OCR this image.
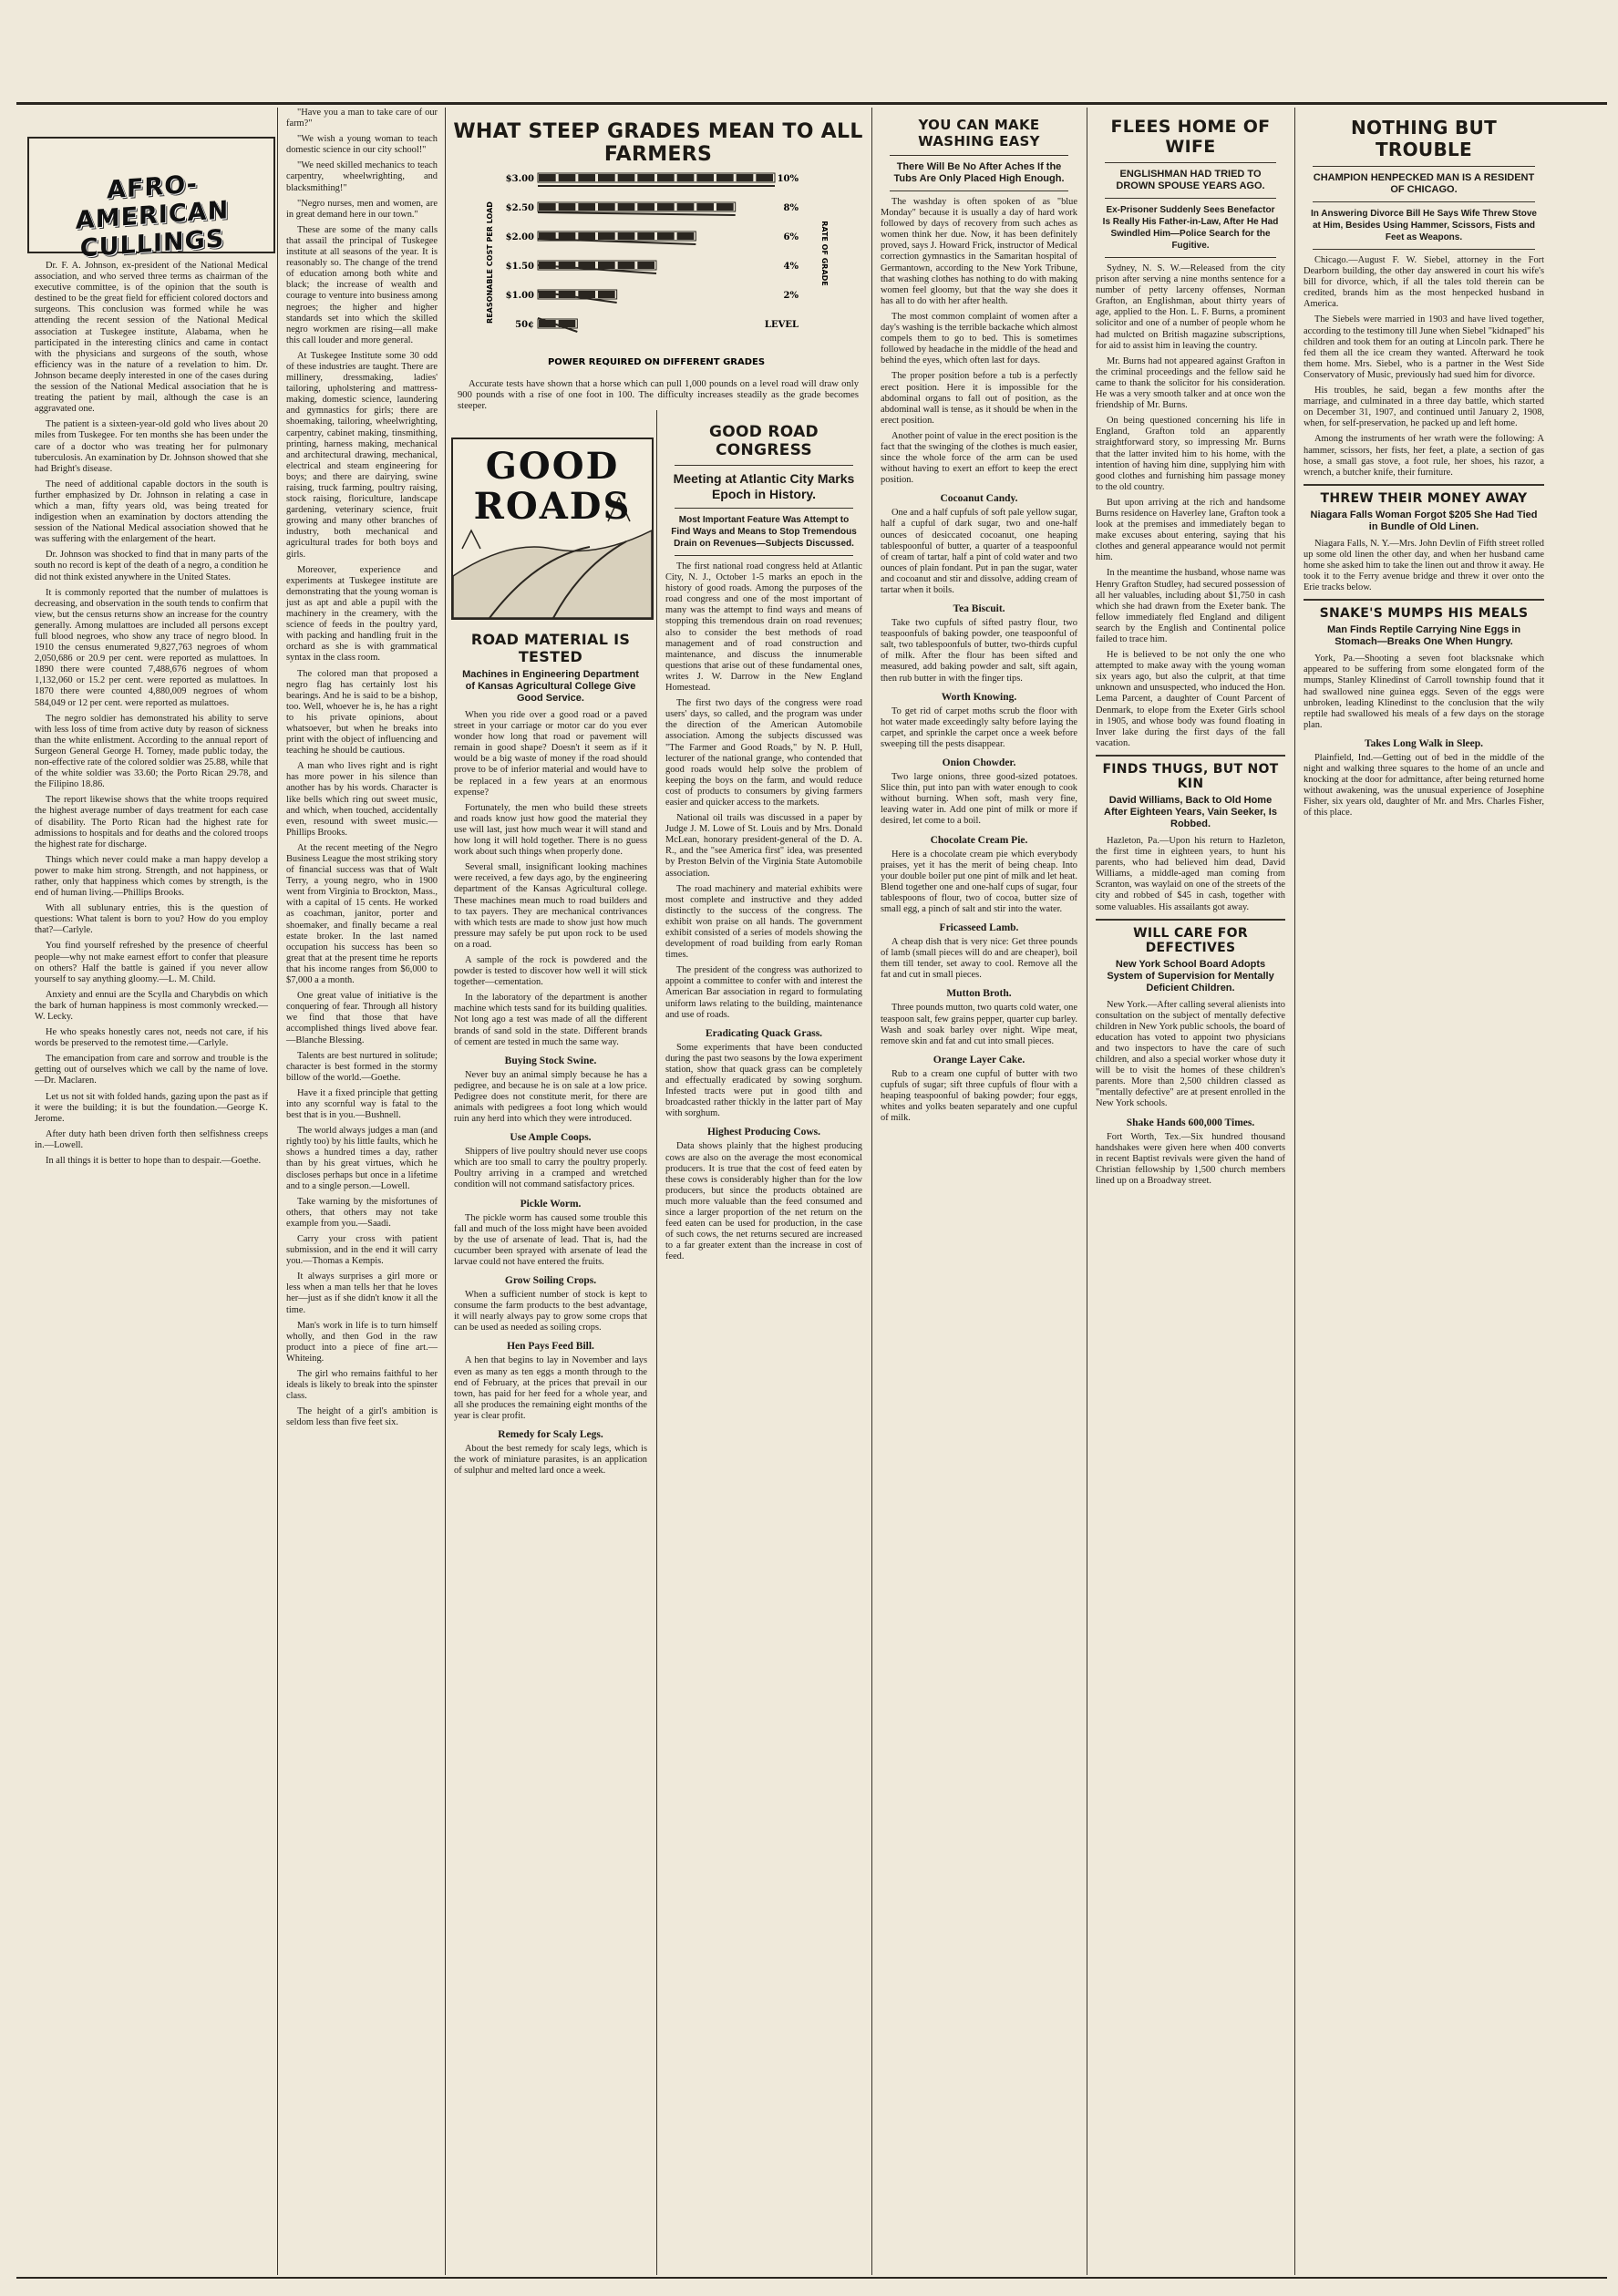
AFRO-AMERICAN CULLINGS

Dr. F. A. Johnson, ex-president of the National Medical association, and who served three terms as chairman of the executive committee, is of the opinion that the south is destined to be the great field for efficient colored doctors and surgeons. This conclusion was formed while he was attending the recent session of the National Medical association at Tuskegee institute, Alabama, when he participated in the interesting clinics and came in contact with the physicians and surgeons of the south, whose efficiency was in the nature of a revelation to him. Dr. Johnson became deeply interested in one of the cases during the session of the National Medical association that he is treating the patient by mail, although the case is an aggravated one.

The patient is a sixteen-year-old gold who lives about 20 miles from Tuskegee. For ten months she has been under the care of a doctor who was treating her for pulmonary tuberculosis. An examination by Dr. Johnson showed that she had Bright's disease.

The need of additional capable doctors in the south is further emphasized by Dr. Johnson in relating a case in which a man, fifty years old, was being treated for indigestion when an examination by doctors attending the session of the National Medical association showed that he was suffering with the enlargement of the heart.

Dr. Johnson was shocked to find that in many parts of the south no record is kept of the death of a negro, a condition he did not think existed anywhere in the United States.

It is commonly reported that the number of mulattoes is decreasing, and observation in the south tends to confirm that view, but the census returns show an increase for the country generally. Among mulattoes are included all persons except full blood negroes, who show any trace of negro blood. In 1910 the census enumerated 9,827,763 negroes of whom 2,050,686 or 20.9 per cent. were reported as mulattoes. In 1890 there were counted 7,488,676 negroes of whom 1,132,060 or 15.2 per cent. were reported as mulattoes. In 1870 there were counted 4,880,009 negroes of whom 584,049 or 12 per cent. were reported as mulattoes.

The negro soldier has demonstrated his ability to serve with less loss of time from active duty by reason of sickness than the white enlistment. According to the annual report of Surgeon General George H. Torney, made public today, the non-effective rate of the colored soldier was 25.88, while that of the white soldier was 33.60; the Porto Rican 29.78, and the Filipino 18.86.

The report likewise shows that the white troops required the highest average number of days treatment for each case of disability. The Porto Rican had the highest rate for admissions to hospitals and for deaths and the colored troops the highest rate for discharge.

Things which never could make a man happy develop a power to make him strong. Strength, and not happiness, or rather, only that happiness which comes by strength, is the end of human living.—Phillips Brooks.

With all sublunary entries, this is the question of questions: What talent is born to you? How do you employ that?—Carlyle.

You find yourself refreshed by the presence of cheerful people—why not make earnest effort to confer that pleasure on others? Half the battle is gained if you never allow yourself to say anything gloomy.—L. M. Child.

Anxiety and ennui are the Scylla and Charybdis on which the bark of human happiness is most commonly wrecked.—W. Lecky.

He who speaks honestly cares not, needs not care, if his words be preserved to the remotest time.—Carlyle.

The emancipation from care and sorrow and trouble is the getting out of ourselves which we call by the name of love.—Dr. Maclaren.

Let us not sit with folded hands, gazing upon the past as if it were the building; it is but the foundation.—George K. Jerome.

After duty hath been driven forth then selfishness creeps in.—Lowell.

In all things it is better to hope than to despair.—Goethe.

"Have you a man to take care of our farm?"

"We wish a young woman to teach domestic science in our city school!"

"We need skilled mechanics to teach carpentry, wheelwrighting, and blacksmithing!"

"Negro nurses, men and women, are in great demand here in our town."

These are some of the many calls that assail the principal of Tuskegee institute at all seasons of the year. It is reasonably so. The change of the trend of education among both white and black; the increase of wealth and courage to venture into business among negroes; the higher and higher standards set into which the skilled negro workmen are rising—all make this call louder and more general.

At Tuskegee Institute some 30 odd of these industries are taught. There are millinery, dressmaking, ladies' tailoring, upholstering and mattress-making, domestic science, laundering and gymnastics for girls; there are shoemaking, tailoring, wheelwrighting, carpentry, cabinet making, tinsmithing, printing, harness making, mechanical and architectural drawing, mechanical, electrical and steam engineering for boys; and there are dairying, swine raising, truck farming, poultry raising, stock raising, floriculture, landscape gardening, veterinary science, fruit growing and many other branches of industry, both mechanical and agricultural trades for both boys and girls.

Moreover, experience and experiments at Tuskegee institute are demonstrating that the young woman is just as apt and able a pupil with the machinery in the creamery, with the science of feeds in the poultry yard, with packing and handling fruit in the orchard as she is with grammatical syntax in the class room.

The colored man that proposed a negro flag has certainly lost his bearings. And he is said to be a bishop, too. Well, whoever he is, he has a right to his private opinions, about whatsoever, but when he breaks into print with the object of influencing and teaching he should be cautious.

A man who lives right and is right has more power in his silence than another has by his words. Character is like bells which ring out sweet music, and which, when touched, accidentally even, resound with sweet music.—Phillips Brooks.

At the recent meeting of the Negro Business League the most striking story of financial success was that of Walt Terry, a young negro, who in 1900 went from Virginia to Brockton, Mass., with a capital of 15 cents. He worked as coachman, janitor, porter and shoemaker, and finally became a real estate broker. In the last named occupation his success has been so great that at the present time he reports that his income ranges from $6,000 to $7,000 a a month.

One great value of initiative is the conquering of fear. Through all history we find that those that have accomplished things lived above fear.—Blanche Blessing.

Talents are best nurtured in solitude; character is best formed in the stormy billow of the world.—Goethe.

Have it a fixed principle that getting into any scornful way is fatal to the best that is in you.—Bushnell.

The world always judges a man (and rightly too) by his little faults, which he shows a hundred times a day, rather than by his great virtues, which he discloses perhaps but once in a lifetime and to a single person.—Lowell.

Take warning by the misfortunes of others, that others may not take example from you.—Saadi.

Carry your cross with patient submission, and in the end it will carry you.—Thomas a Kempis.

It always surprises a girl more or less when a man tells her that he loves her—just as if she didn't know it all the time.

Man's work in life is to turn himself wholly, and then God in the raw product into a piece of fine art.—Whiteing.

The girl who remains faithful to her ideals is likely to break into the spinster class.

The height of a girl's ambition is seldom less than five feet six.

WHAT STEEP GRADES MEAN TO ALL FARMERS
$3.00	10%
$2.50	8%
$2.00	6%
$1.50	4%
$1.00	2%
50¢	LEVEL
POWER REQUIRED ON DIFFERENT GRADES
REASONABLE COST PER LOAD	RATE OF GRADE

Accurate tests have shown that a horse which can pull 1,000 pounds on a level road will draw only 900 pounds with a rise of one foot in 100. The difficulty increases steadily as the grade becomes steeper.

GOOD
ROADS
ROAD MATERIAL IS TESTED
Machines in Engineering Department of Kansas Agricultural College Give Good Service.

When you ride over a good road or a paved street in your carriage or motor car do you ever wonder how long that road or pavement will remain in good shape? Doesn't it seem as if it would be a big waste of money if the road should prove to be of inferior material and would have to be replaced in a few years at an enormous expense?

Fortunately, the men who build these streets and roads know just how good the material they use will last, just how much wear it will stand and how long it will hold together. There is no guess work about such things when properly done.

Several small, insignificant looking machines were received, a few days ago, by the engineering department of the Kansas Agricultural college. These machines mean much to road builders and to tax payers. They are mechanical contrivances with which tests are made to show just how much pressure may safely be put upon rock to be used on a road.

A sample of the rock is powdered and the powder is tested to discover how well it will stick together—cementation.

In the laboratory of the department is another machine which tests sand for its building qualities. Not long ago a test was made of all the different brands of sand sold in the state. Different brands of cement are tested in much the same way.

Buying Stock Swine.

Never buy an animal simply because he has a pedigree, and because he is on sale at a low price. Pedigree does not constitute merit, for there are animals with pedigrees a foot long which would ruin any herd into which they were introduced.

Use Ample Coops.

Shippers of live poultry should never use coops which are too small to carry the poultry properly. Poultry arriving in a cramped and wretched condition will not command satisfactory prices.

Pickle Worm.

The pickle worm has caused some trouble this fall and much of the loss might have been avoided by the use of arsenate of lead. That is, had the cucumber been sprayed with arsenate of lead the larvae could not have entered the fruits.

Grow Soiling Crops.

When a sufficient number of stock is kept to consume the farm products to the best advantage, it will nearly always pay to grow some crops that can be used as needed as soiling crops.

Hen Pays Feed Bill.

A hen that begins to lay in November and lays even as many as ten eggs a month through to the end of February, at the prices that prevail in our town, has paid for her feed for a whole year, and all she produces the remaining eight months of the year is clear profit.

Remedy for Scaly Legs.

About the best remedy for scaly legs, which is the work of miniature parasites, is an application of sulphur and melted lard once a week.

GOOD ROAD CONGRESS
Meeting at Atlantic City Marks Epoch in History.
Most Important Feature Was Attempt to Find Ways and Means to Stop Tremendous Drain on Revenues—Subjects Discussed.

The first national road congress held at Atlantic City, N. J., October 1-5 marks an epoch in the history of good roads. Among the purposes of the road congress and one of the most important of many was the attempt to find ways and means of stopping this tremendous drain on road revenues; also to consider the best methods of road management and of road construction and maintenance, and discuss the innumerable questions that arise out of these fundamental ones, writes J. W. Darrow in the New England Homestead.

The first two days of the congress were road users' days, so called, and the program was under the direction of the American Automobile association. Among the subjects discussed was "The Farmer and Good Roads," by N. P. Hull, lecturer of the national grange, who contended that good roads would help solve the problem of keeping the boys on the farm, and would reduce cost of products to consumers by giving farmers easier and quicker access to the markets.

National oil trails was discussed in a paper by Judge J. M. Lowe of St. Louis and by Mrs. Donald McLean, honorary president-general of the D. A. R., and the "see America first" idea, was presented by Preston Belvin of the Virginia State Automobile association.

The road machinery and material exhibits were most complete and instructive and they added distinctly to the success of the congress. The exhibit won praise on all hands. The government exhibit consisted of a series of models showing the development of road building from early Roman times.

The president of the congress was authorized to appoint a committee to confer with and interest the American Bar association in regard to formulating uniform laws relating to the building, maintenance and use of roads.

Eradicating Quack Grass.

Some experiments that have been conducted during the past two seasons by the Iowa experiment station, show that quack grass can be completely and effectually eradicated by sowing sorghum. Infested tracts were put in good tilth and broadcasted rather thickly in the latter part of May with sorghum.

Highest Producing Cows.

Data shows plainly that the highest producing cows are also on the average the most economical producers. It is true that the cost of feed eaten by these cows is considerably higher than for the low producers, but since the products obtained are much more valuable than the feed consumed and since a larger proportion of the net return on the feed eaten can be used for production, in the case of such cows, the net returns secured are increased to a far greater extent than the increase in cost of feed.

YOU CAN MAKE WASHING EASY
There Will Be No After Aches If the Tubs Are Only Placed High Enough.

The washday is often spoken of as "blue Monday" because it is usually a day of hard work followed by days of recovery from such aches as women think her due. Now, it has been definitely proved, says J. Howard Frick, instructor of Medical correction gymnastics in the Samaritan hospital of Germantown, according to the New York Tribune, that washing clothes has nothing to do with making women feel gloomy, but that the way she does it has all to do with her after health.

The most common complaint of women after a day's washing is the terrible backache which almost compels them to go to bed. This is sometimes followed by headache in the middle of the head and behind the eyes, which often last for days.

The proper position before a tub is a perfectly erect position. Here it is impossible for the abdominal organs to fall out of position, as the abdominal wall is tense, as it should be when in the erect position.

Another point of value in the erect position is the fact that the swinging of the clothes is much easier, since the whole force of the arm can be used without having to exert an effort to keep the erect position.

Cocoanut Candy.

One and a half cupfuls of soft pale yellow sugar, half a cupful of dark sugar, two and one-half ounces of desiccated cocoanut, one heaping tablespoonful of butter, a quarter of a teaspoonful of cream of tartar, half a pint of cold water and two ounces of plain fondant. Put in pan the sugar, water and cocoanut and stir and dissolve, adding cream of tartar when it boils.

Tea Biscuit.

Take two cupfuls of sifted pastry flour, two teaspoonfuls of baking powder, one teaspoonful of salt, two tablespoonfuls of butter, two-thirds cupful of milk. After the flour has been sifted and measured, add baking powder and salt, sift again, then rub butter in with the finger tips.

Worth Knowing.

To get rid of carpet moths scrub the floor with hot water made exceedingly salty before laying the carpet, and sprinkle the carpet once a week before sweeping till the pests disappear.

Onion Chowder.

Two large onions, three good-sized potatoes. Slice thin, put into pan with water enough to cook without burning. When soft, mash very fine, leaving water in. Add one pint of milk or more if desired, let come to a boil.

Chocolate Cream Pie.

Here is a chocolate cream pie which everybody praises, yet it has the merit of being cheap. Into your double boiler put one pint of milk and let heat. Blend together one and one-half cups of sugar, four tablespoons of flour, two of cocoa, butter size of small egg, a pinch of salt and stir into the water.

Fricasseed Lamb.

A cheap dish that is very nice: Get three pounds of lamb (small pieces will do and are cheaper), boil them till tender, set away to cool. Remove all the fat and cut in small pieces.

Mutton Broth.

Three pounds mutton, two quarts cold water, one teaspoon salt, few grains pepper, quarter cup barley. Wash and soak barley over night. Wipe meat, remove skin and fat and cut into small pieces.

Orange Layer Cake.

Rub to a cream one cupful of butter with two cupfuls of sugar; sift three cupfuls of flour with a heaping teaspoonful of baking powder; four eggs, whites and yolks beaten separately and one cupful of milk.

FLEES HOME OF WIFE
ENGLISHMAN HAD TRIED TO DROWN SPOUSE YEARS AGO.
Ex-Prisoner Suddenly Sees Benefactor Is Really His Father-in-Law, After He Had Swindled Him—Police Search for the Fugitive.

Sydney, N. S. W.—Released from the city prison after serving a nine months sentence for a number of petty larceny offenses, Norman Grafton, an Englishman, about thirty years of age, applied to the Hon. L. F. Burns, a prominent solicitor and one of a number of people whom he had mulcted on British magazine subscriptions, for aid to assist him in leaving the country.

Mr. Burns had not appeared against Grafton in the criminal proceedings and the fellow said he came to thank the solicitor for his consideration. He was a very smooth talker and at once won the friendship of Mr. Burns.

On being questioned concerning his life in England, Grafton told an apparently straightforward story, so impressing Mr. Burns that the latter invited him to his home, with the intention of having him dine, supplying him with good clothes and furnishing him passage money to the old country.

But upon arriving at the rich and handsome Burns residence on Haverley lane, Grafton took a look at the premises and immediately began to make excuses about entering, saying that his clothes and general appearance would not permit him.

In the meantime the husband, whose name was Henry Grafton Studley, had secured possession of all her valuables, including about $1,750 in cash which she had drawn from the Exeter bank. The fellow immediately fled England and diligent search by the English and Continental police failed to trace him.

He is believed to be not only the one who attempted to make away with the young woman six years ago, but also the culprit, at that time unknown and unsuspected, who induced the Hon. Lema Parcent, a daughter of Count Parcent of Denmark, to elope from the Exeter Girls school in 1905, and whose body was found floating in Inver lake during the first days of the fall vacation.

FINDS THUGS, BUT NOT KIN
David Williams, Back to Old Home After Eighteen Years, Vain Seeker, Is Robbed.

Hazleton, Pa.—Upon his return to Hazleton, the first time in eighteen years, to hunt his parents, who had believed him dead, David Williams, a middle-aged man coming from Scranton, was waylaid on one of the streets of the city and robbed of $45 in cash, together with some valuables. His assailants got away.

WILL CARE FOR DEFECTIVES
New York School Board Adopts System of Supervision for Mentally Deficient Children.

New York.—After calling several alienists into consultation on the subject of mentally defective children in New York public schools, the board of education has voted to appoint two physicians and two inspectors to have the care of such children, and also a special worker whose duty it will be to visit the homes of these children's parents. More than 2,500 children classed as "mentally defective" are at present enrolled in the New York schools.

Shake Hands 600,000 Times.

Fort Worth, Tex.—Six hundred thousand handshakes were given here when 400 converts in recent Baptist revivals were given the hand of Christian fellowship by 1,500 church members lined up on a Broadway street.

NOTHING BUT TROUBLE
CHAMPION HENPECKED MAN IS A RESIDENT OF CHICAGO.
In Answering Divorce Bill He Says Wife Threw Stove at Him, Besides Using Hammer, Scissors, Fists and Feet as Weapons.

Chicago.—August F. W. Siebel, attorney in the Fort Dearborn building, the other day answered in court his wife's bill for divorce, which, if all the tales told therein can be credited, brands him as the most henpecked husband in America.

The Siebels were married in 1903 and have lived together, according to the testimony till June when Siebel "kidnaped" his children and took them for an outing at Lincoln park. There he fed them all the ice cream they wanted. Afterward he took them home. Mrs. Siebel, who is a partner in the West Side Conservatory of Music, previously had sued him for divorce.

His troubles, he said, began a few months after the marriage, and culminated in a three day battle, which started on December 31, 1907, and continued until January 2, 1908, when, for self-preservation, he packed up and left home.

Among the instruments of her wrath were the following: A hammer, scissors, her fists, her feet, a plate, a section of gas hose, a small gas stove, a foot rule, her shoes, his razor, a wrench, a butcher knife, their furniture.

THREW THEIR MONEY AWAY
Niagara Falls Woman Forgot $205 She Had Tied in Bundle of Old Linen.

Niagara Falls, N. Y.—Mrs. John Devlin of Fifth street rolled up some old linen the other day, and when her husband came home she asked him to take the linen out and throw it away. He took it to the Ferry avenue bridge and threw it over onto the Erie tracks below.

SNAKE'S MUMPS HIS MEALS
Man Finds Reptile Carrying Nine Eggs in Stomach—Breaks One When Hungry.

York, Pa.—Shooting a seven foot blacksnake which appeared to be suffering from some elongated form of the mumps, Stanley Klinedinst of Carroll township found that it had swallowed nine guinea eggs. Seven of the eggs were unbroken, leading Klinedinst to the conclusion that the wily reptile had swallowed his meals of a few days on the storage plan.

Takes Long Walk in Sleep.

Plainfield, Ind.—Getting out of bed in the middle of the night and walking three squares to the home of an uncle and knocking at the door for admittance, after being returned home without awakening, was the unusual experience of Josephine Fisher, six years old, daughter of Mr. and Mrs. Charles Fisher, of this place.
